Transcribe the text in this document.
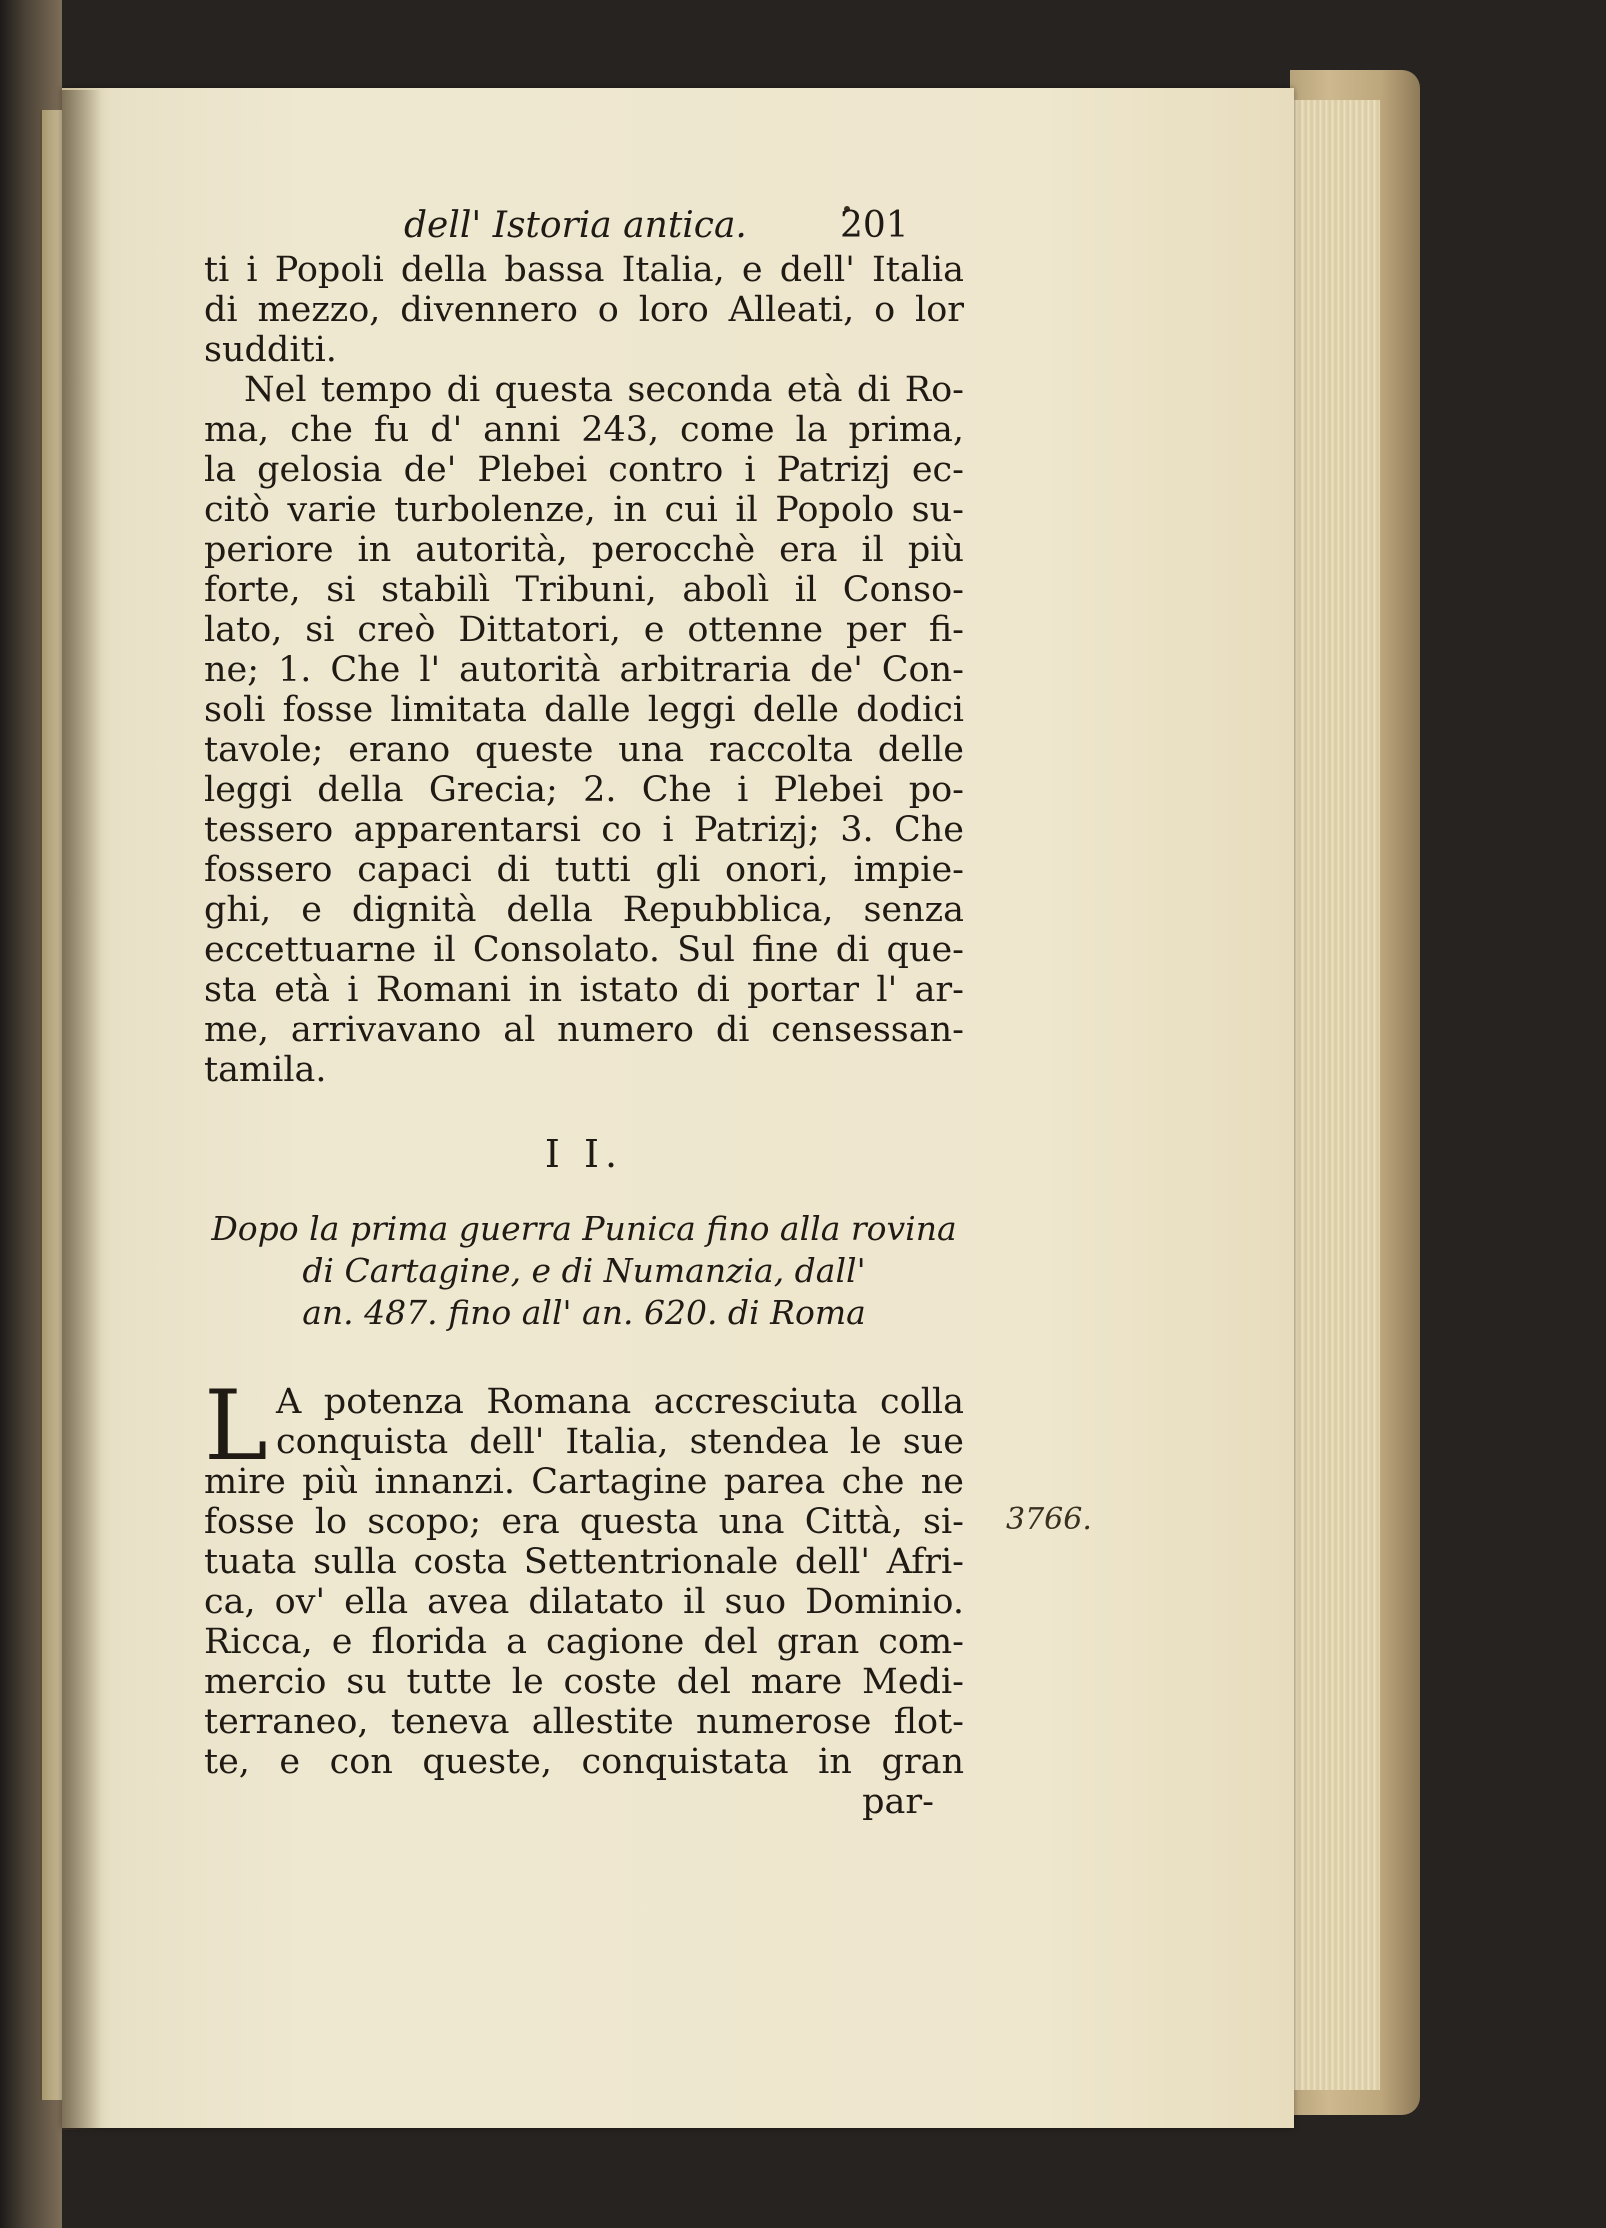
dell' Istoria antica.	201
ti i Popoli della bassa Italia, e dell' Italia
di mezzo, divennero o loro Alleati, o lor
sudditi.
Nel tempo di questa seconda età di Ro-
ma, che fu d' anni 243, come la prima,
la gelosia de' Plebei contro i Patrizj ec-
citò varie turbolenze, in cui il Popolo su-
periore in autorità, perocchè era il più
forte, si stabilì Tribuni, abolì il Conso-
lato, si creò Dittatori, e ottenne per fi-
ne; 1. Che l' autorità arbitraria de' Con-
soli fosse limitata dalle leggi delle dodici
tavole; erano queste una raccolta delle
leggi della Grecia; 2. Che i Plebei po-
tessero apparentarsi co i Patrizj; 3. Che
fossero capaci di tutti gli onori, impie-
ghi, e dignità della Repubblica, senza
eccettuarne il Consolato. Sul fine di que-
sta età i Romani in istato di portar l' ar-
me, arrivavano al numero di censessan-
tamila.
I I.
Dopo la prima guerra Punica fino alla rovina
di Cartagine, e di Numanzia, dall'
an. 487. fino all' an. 620. di Roma
L A potenza Romana accresciuta colla
conquista dell' Italia, stendea le sue
mire più innanzi. Cartagine parea che ne
fosse lo scopo; era questa una Città, si-
tuata sulla costa Settentrionale dell' Afri-
ca, ov' ella avea dilatato il suo Dominio.
Ricca, e florida a cagione del gran com-
mercio su tutte le coste del mare Medi-
terraneo, teneva allestite numerose flot-
te, e con queste, conquistata in gran
par-
3766.
